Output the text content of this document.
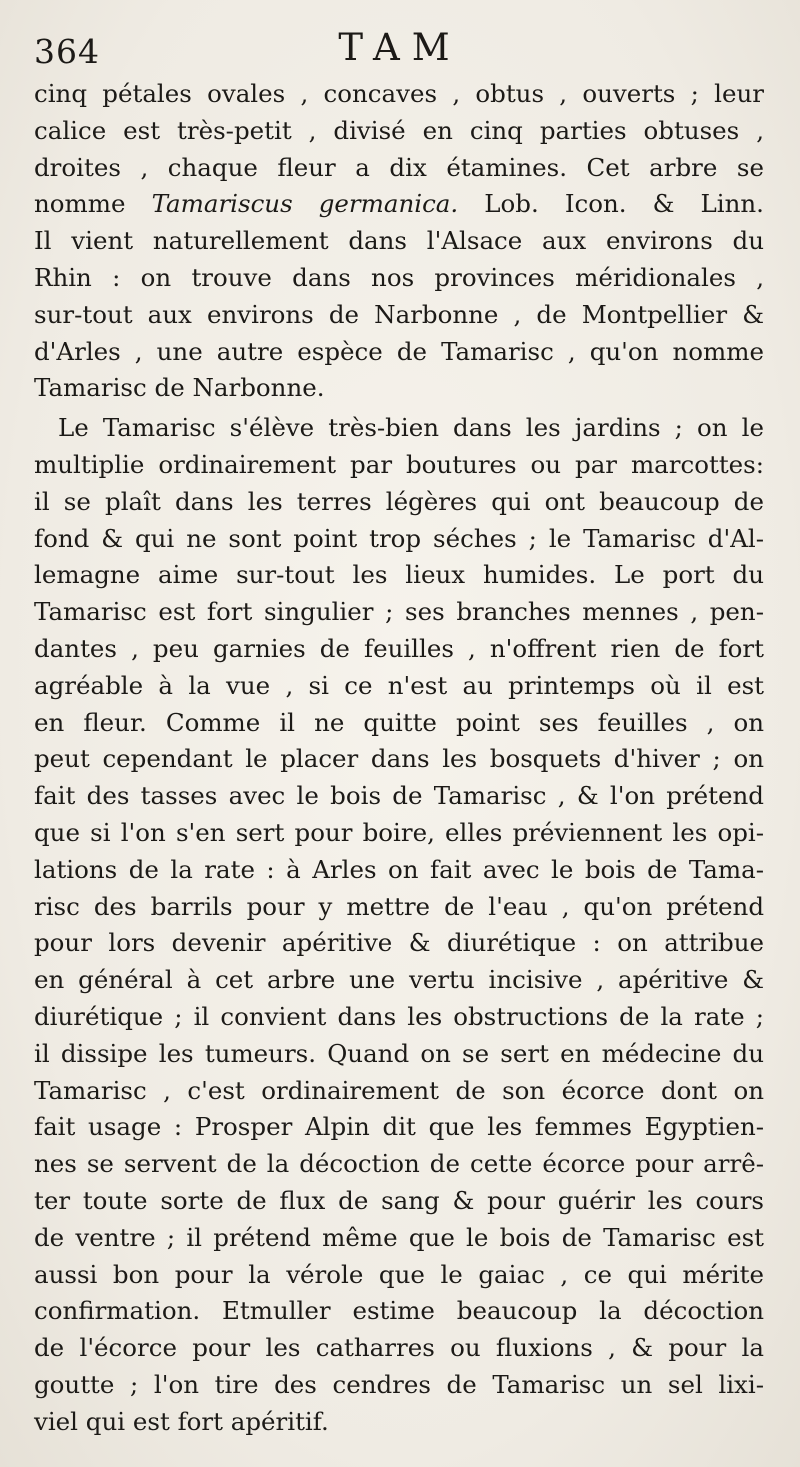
364	TAM
cinq pétales ovales , concaves , obtus , ouverts ; leur
calice est très-petit , divisé en cinq parties obtuses ,
droites , chaque fleur a dix étamines. Cet arbre se
nomme Tamariscus germanica. Lob. Icon. & Linn.
Il vient naturellement dans l'Alsace aux environs du
Rhin : on trouve dans nos provinces méridionales ,
sur-tout aux environs de Narbonne , de Montpellier &
d'Arles , une autre espèce de Tamarisc , qu'on nomme
Tamarisc de Narbonne.
Le Tamarisc s'élève très-bien dans les jardins ; on le
multiplie ordinairement par boutures ou par marcottes:
il se plaît dans les terres légères qui ont beaucoup de
fond & qui ne sont point trop séches ; le Tamarisc d'Al-
lemagne aime sur-tout les lieux humides. Le port du
Tamarisc est fort singulier ; ses branches mennes , pen-
dantes , peu garnies de feuilles , n'offrent rien de fort
agréable à la vue , si ce n'est au printemps où il est
en fleur. Comme il ne quitte point ses feuilles , on
peut cependant le placer dans les bosquets d'hiver ; on
fait des tasses avec le bois de Tamarisc , & l'on prétend
que si l'on s'en sert pour boire, elles préviennent les opi-
lations de la rate : à Arles on fait avec le bois de Tama-
risc des barrils pour y mettre de l'eau , qu'on prétend
pour lors devenir apéritive & diurétique : on attribue
en général à cet arbre une vertu incisive , apéritive &
diurétique ; il convient dans les obstructions de la rate ;
il dissipe les tumeurs. Quand on se sert en médecine du
Tamarisc , c'est ordinairement de son écorce dont on
fait usage : Prosper Alpin dit que les femmes Egyptien-
nes se servent de la décoction de cette écorce pour arrê-
ter toute sorte de flux de sang & pour guérir les cours
de ventre ; il prétend même que le bois de Tamarisc est
aussi bon pour la vérole que le gaiac , ce qui mérite
confirmation. Etmuller estime beaucoup la décoction
de l'écorce pour les catharres ou fluxions , & pour la
goutte ; l'on tire des cendres de Tamarisc un sel lixi-
viel qui est fort apéritif.
